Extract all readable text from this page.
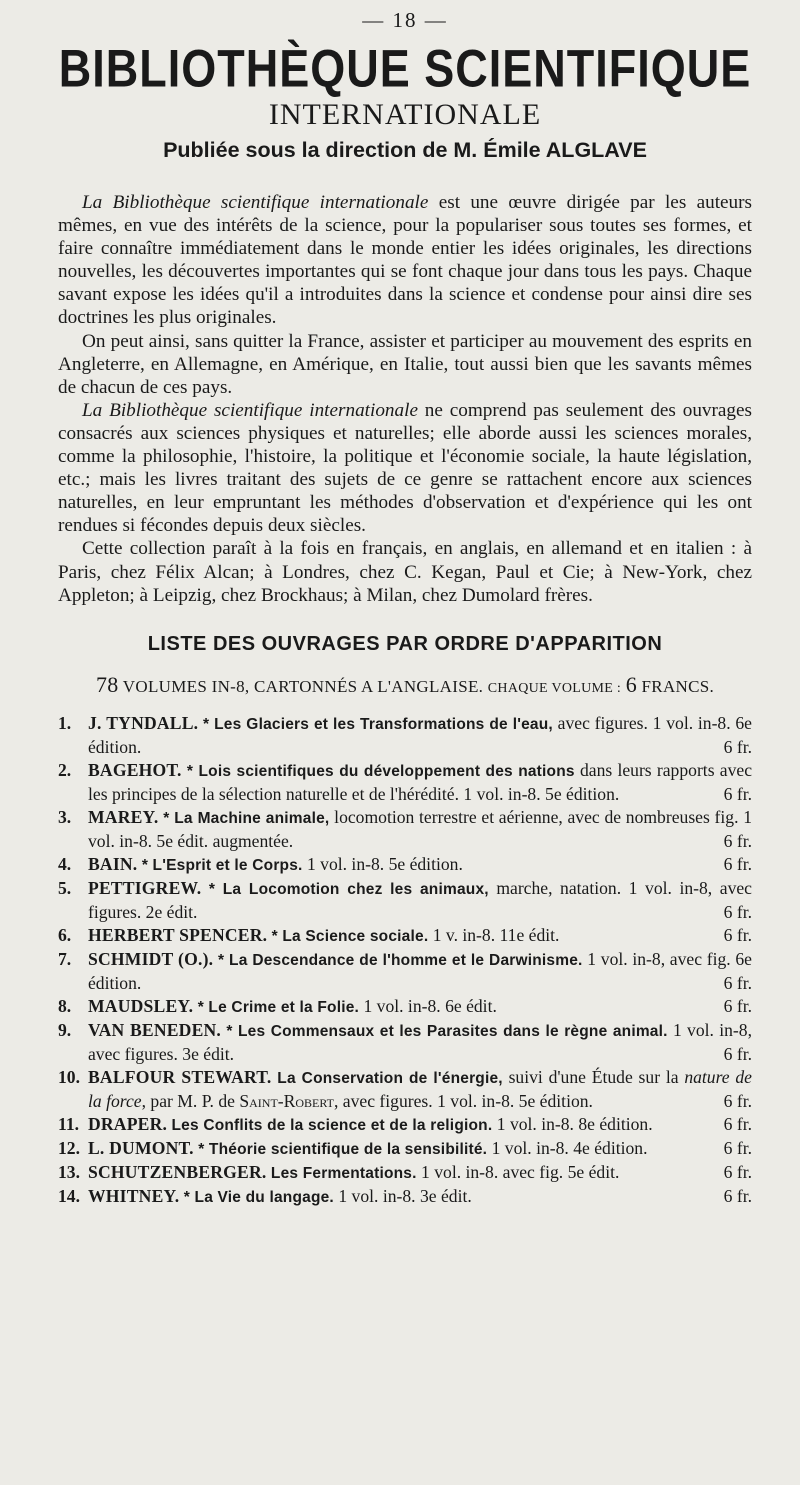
— 18 —
BIBLIOTHÈQUE SCIENTIFIQUE
INTERNATIONALE
Publiée sous la direction de M. Émile ALGLAVE

La Bibliothèque scientifique internationale est une œuvre dirigée par les auteurs mêmes, en vue des intérêts de la science, pour la populariser sous toutes ses formes, et faire connaître immédiatement dans le monde entier les idées originales, les directions nouvelles, les découvertes importantes qui se font chaque jour dans tous les pays. Chaque savant expose les idées qu'il a introduites dans la science et condense pour ainsi dire ses doctrines les plus originales.

On peut ainsi, sans quitter la France, assister et participer au mouvement des esprits en Angleterre, en Allemagne, en Amérique, en Italie, tout aussi bien que les savants mêmes de chacun de ces pays.

La Bibliothèque scientifique internationale ne comprend pas seulement des ouvrages consacrés aux sciences physiques et naturelles; elle aborde aussi les sciences morales, comme la philosophie, l'histoire, la politique et l'économie sociale, la haute législation, etc.; mais les livres traitant des sujets de ce genre se rattachent encore aux sciences naturelles, en leur empruntant les méthodes d'observation et d'expérience qui les ont rendues si fécondes depuis deux siècles.

Cette collection paraît à la fois en français, en anglais, en allemand et en italien : à Paris, chez Félix Alcan; à Londres, chez C. Kegan, Paul et Cie; à New-York, chez Appleton; à Leipzig, chez Brockhaus; à Milan, chez Dumolard frères.

LISTE DES OUVRAGES PAR ORDRE D'APPARITION
78 VOLUMES IN-8, CARTONNÉS A L'ANGLAISE. CHAQUE VOLUME : 6 FRANCS.
1. J. TYNDALL. * Les Glaciers et les Transformations de l'eau, avec figures. 1 vol. in-8. 6e édition.	6 fr.
2. BAGEHOT. * Lois scientifiques du développement des nations dans leurs rapports avec les principes de la sélection naturelle et de l'hérédité. 1 vol. in-8. 5e édition.	6 fr.
3. MAREY. * La Machine animale, locomotion terrestre et aérienne, avec de nombreuses fig. 1 vol. in-8. 5e édit. augmentée.	6 fr.
4. BAIN. * L'Esprit et le Corps. 1 vol. in-8. 5e édition.	6 fr.
5. PETTIGREW. * La Locomotion chez les animaux, marche, natation. 1 vol. in-8, avec figures. 2e édit.	6 fr.
6. HERBERT SPENCER. * La Science sociale. 1 v. in-8. 11e édit.	6 fr.
7. SCHMIDT (O.). * La Descendance de l'homme et le Darwinisme. 1 vol. in-8, avec fig. 6e édition.	6 fr.
8. MAUDSLEY. * Le Crime et la Folie. 1 vol. in-8. 6e édit.	6 fr.
9. VAN BENEDEN. * Les Commensaux et les Parasites dans le règne animal. 1 vol. in-8, avec figures. 3e édit.	6 fr.
10. BALFOUR STEWART. La Conservation de l'énergie, suivi d'une Étude sur la nature de la force, par M. P. de Saint-Robert, avec figures. 1 vol. in-8. 5e édition.	6 fr.
11. DRAPER. Les Conflits de la science et de la religion. 1 vol. in-8. 8e édition.	6 fr.
12. L. DUMONT. * Théorie scientifique de la sensibilité. 1 vol. in-8. 4e édition.	6 fr.
13. SCHUTZENBERGER. Les Fermentations. 1 vol. in-8. avec fig. 5e édit.	6 fr.
14. WHITNEY. * La Vie du langage. 1 vol. in-8. 3e édit.	6 fr.
